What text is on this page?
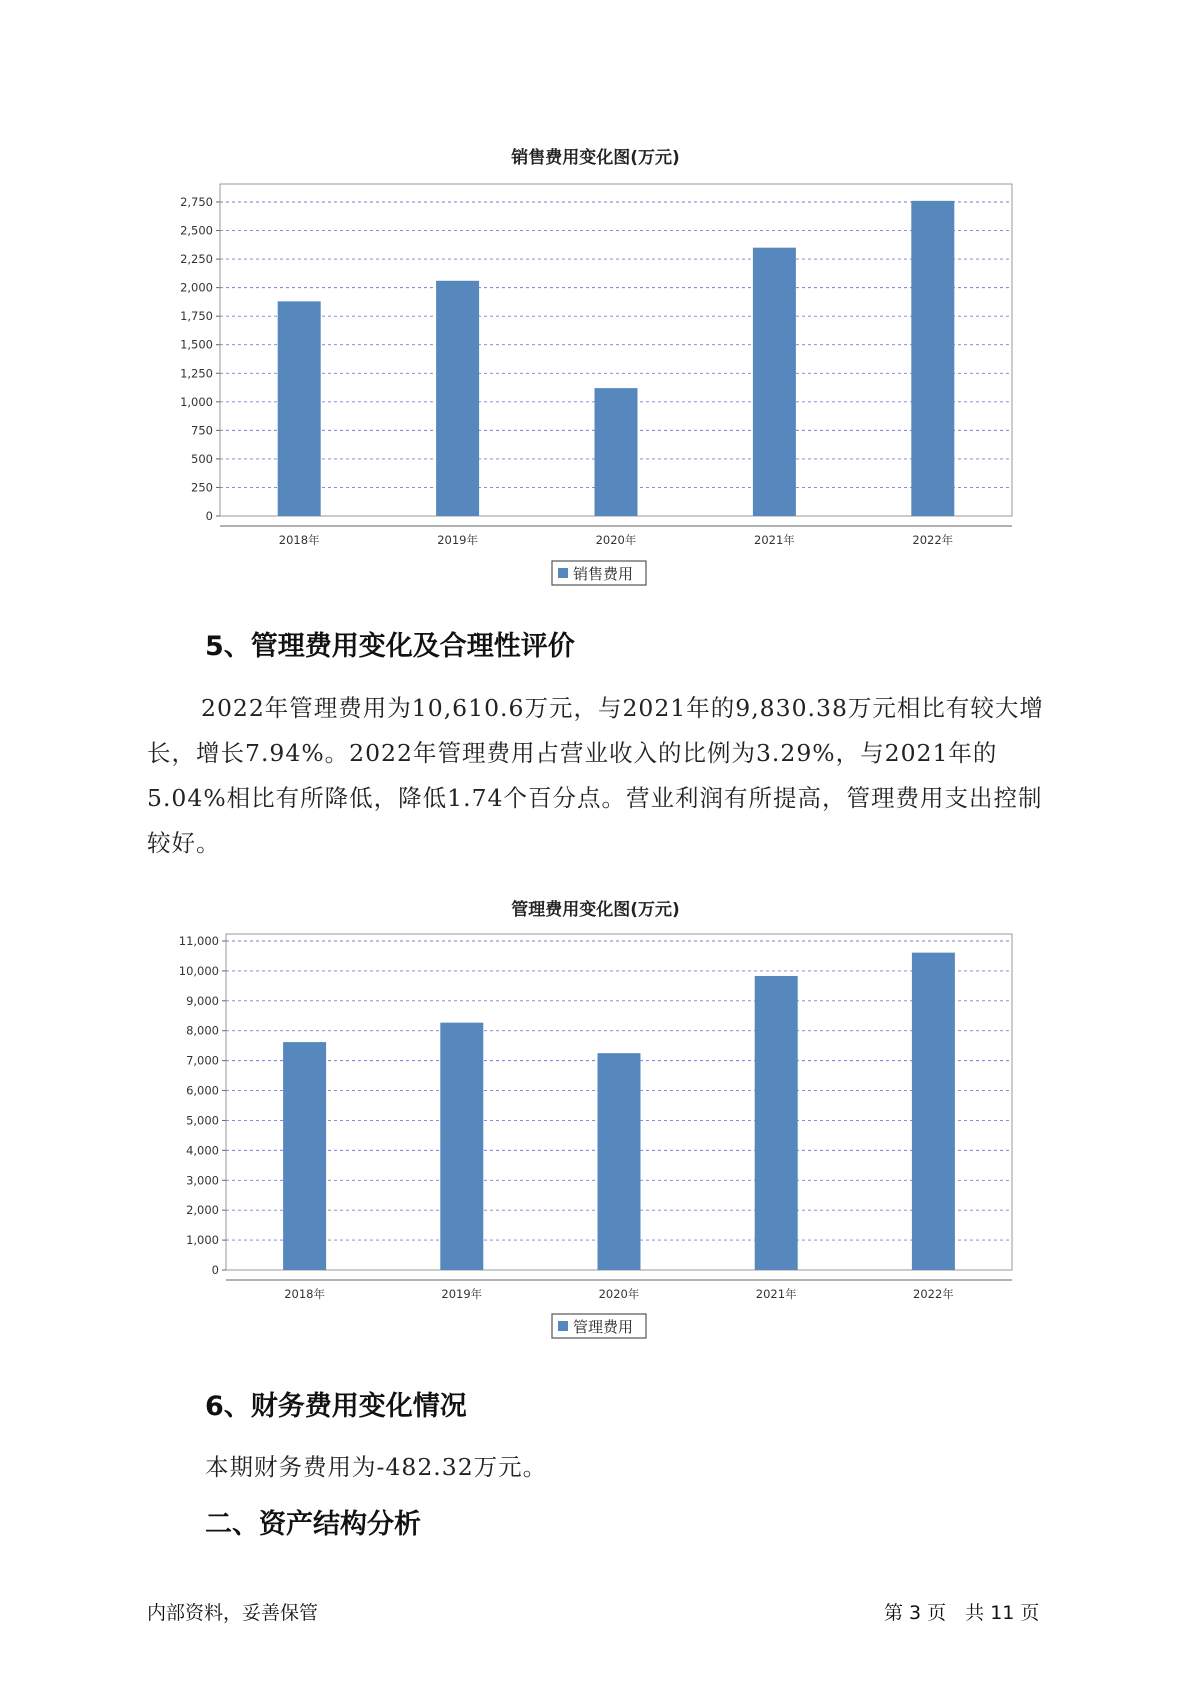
销售费用变化图(万元)
0
250
500
750
1,000
1,250
1,500
1,750
2,000
2,250
2,500
2,750
2018年	2019年	2020年	2021年	2022年
销售费用
5、管理费用变化及合理性评价
2022年管理费用为10,610.6万元，与2021年的9,830.38万元相比有较大增长，增长7.94%。2022年管理费用占营业收入的比例为3.29%，与2021年的5.04%相比有所降低，降低1.74个百分点。营业利润有所提高，管理费用支出控制较好。
管理费用变化图(万元)
0
1,000
2,000
3,000
4,000
5,000
6,000
7,000
8,000
9,000
10,000
11,000
2018年	2019年	2020年	2021年	2022年
管理费用
6、财务费用变化情况
本期财务费用为-482.32万元。
二、资产结构分析
内部资料，妥善保管	第 3 页　共 11 页
